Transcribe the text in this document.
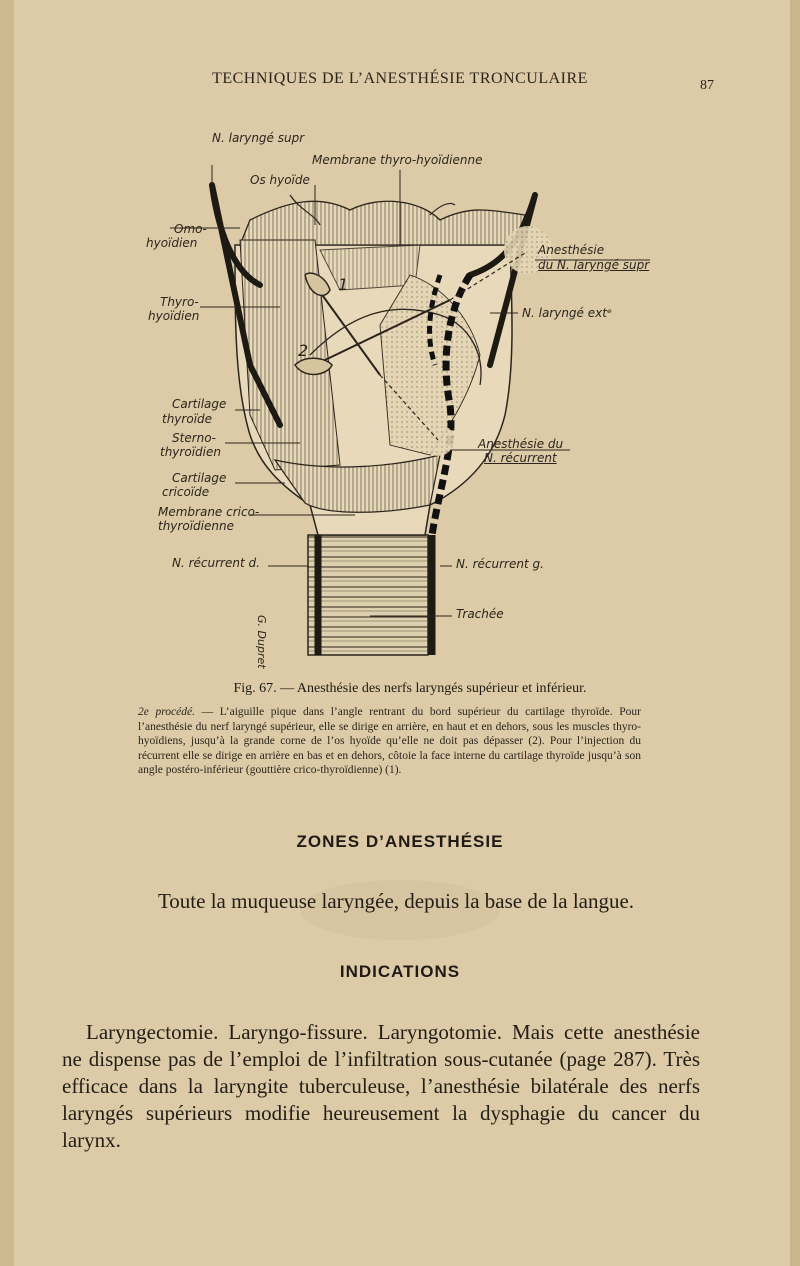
TECHNIQUES DE L’ANESTHÉSIE TRONCULAIRE	87
N. laryngé supr
Membrane thyro-hyoïdienne
Os hyoïde
Omo-
hyoïdien
Thyro-
hyoïdien
Cartilage
thyroïde
Sterno-
thyroïdien
Cartilage
cricoïde
Membrane crico-
thyroïdienne
N. récurrent d.
Anesthésie
du N. laryngé supr
N. laryngé extᵉ
Anesthésie du
N. récurrent
N. récurrent g.
Trachée
1
2
G. Dupret
Fig. 67. — Anesthésie des nerfs laryngés supérieur et inférieur.
2e procédé. — L’aiguille pique dans l’angle rentrant du bord supérieur du cartilage thyroïde. Pour l’anesthésie du nerf laryngé supérieur, elle se dirige en arrière, en haut et en dehors, sous les muscles thyro-hyoïdiens, jusqu’à la grande corne de l’os hyoïde qu’elle ne doit pas dépasser (2). Pour l’injection du récurrent elle se dirige en arrière en bas et en dehors, côtoie la face interne du cartilage thyroïde jusqu’à son angle postéro-inférieur (gouttière crico-thyroïdienne) (1).
ZONES D’ANESTHÉSIE
Toute la muqueuse laryngée, depuis la base de la langue.
INDICATIONS
Laryngectomie. Laryngo-fissure. Laryngotomie. Mais cette anesthésie ne dispense pas de l’emploi de l’infiltration sous-cutanée (page 287). Très efficace dans la laryngite tuberculeuse, l’anesthésie bilatérale des nerfs laryngés supérieurs modifie heureusement la dysphagie du cancer du larynx.
